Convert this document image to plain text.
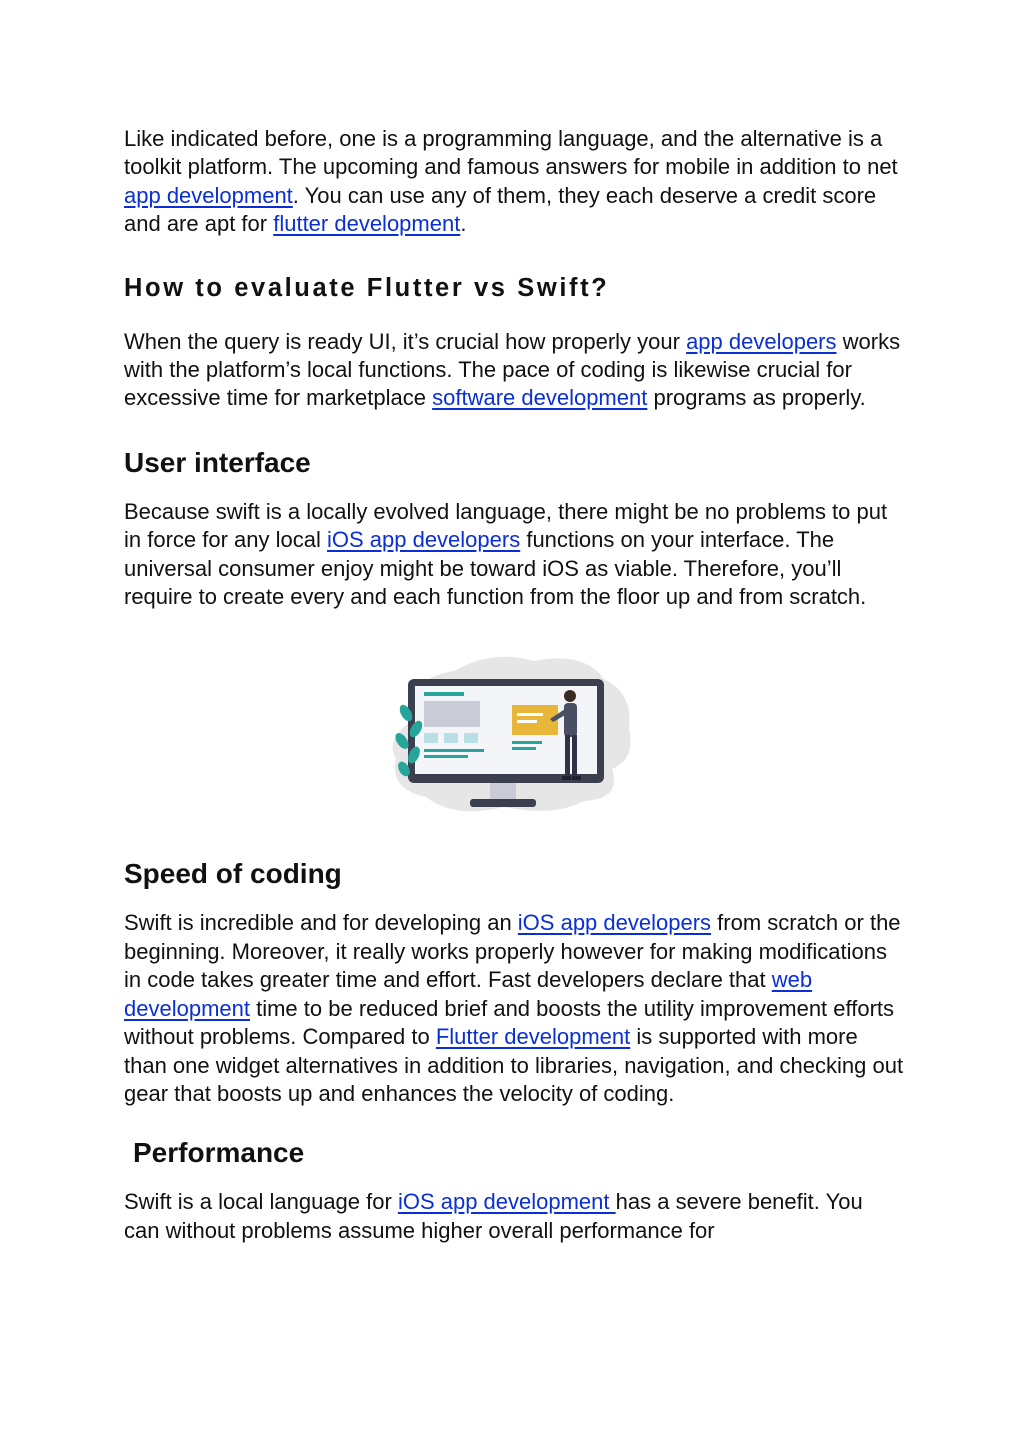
Like indicated before, one is a programming language, and the alternative is a toolkit platform. The upcoming and famous answers for mobile in addition to net app development. You can use any of them, they each deserve a credit score and are apt for flutter development.

How to evaluate Flutter vs Swift?

When the query is ready UI, it’s crucial how properly your app developers works with the platform’s local functions. The pace of coding is likewise crucial for excessive time for marketplace software development programs as properly.

User interface

Because swift is a locally evolved language, there might be no problems to put in force for any local iOS app developers functions on your interface. The universal consumer enjoy might be toward iOS as viable. Therefore, you’ll require to create every and each function from the floor up and from scratch.

Speed of coding

Swift is incredible and for developing an iOS app developers from scratch or the beginning. Moreover, it really works properly however for making modifications in code takes greater time and effort. Fast developers declare that web development time to be reduced brief and boosts the utility improvement efforts without problems. Compared to Flutter development is supported with more than one widget alternatives in addition to libraries, navigation, and checking out gear that boosts up and enhances the velocity of coding.

Performance

Swift is a local language for iOS app development has a severe benefit. You can without problems assume higher overall performance for
